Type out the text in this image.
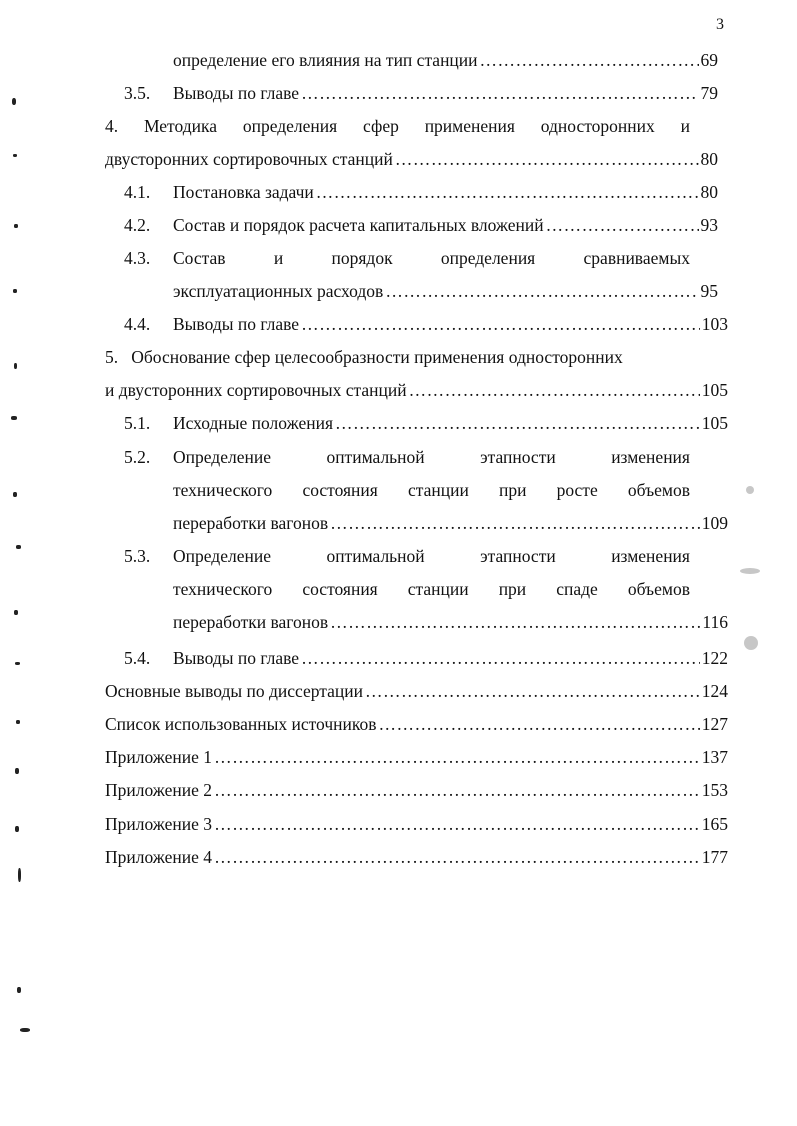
3
определение его влияния на тип станции ………………………………………………………………………………………………………………………………………………………………	69
3.5. Выводы по главе ………………………………………………………………………………………………………………………………………………………………	79
4. Методика определения сфер применения односторонних и
двусторонних сортировочных станций ………………………………………………………………………………………………………………………………………………………………	80
4.1. Постановка задачи ………………………………………………………………………………………………………………………………………………………………	80
4.2. Состав и порядок расчета капитальных вложений ………………………………………………………………………………………………………………………………………………………………	93
4.3. Состав	и	порядок	определения	сравниваемых
эксплуатационных расходов ………………………………………………………………………………………………………………………………………………………………	95
4.4. Выводы по главе ………………………………………………………………………………………………………………………………………………………………	103
5.   Обоснование сфер целесообразности применения односторонних
и двусторонних сортировочных станций ………………………………………………………………………………………………………………………………………………………………	105
5.1. Исходные положения ………………………………………………………………………………………………………………………………………………………………	105
5.2. Определение	оптимальной	этапности	изменения
технического состояния станции при росте объемов
переработки вагонов ………………………………………………………………………………………………………………………………………………………………	109
5.3. Определение	оптимальной	этапности	изменения
технического состояния станции при спаде объемов
переработки вагонов ………………………………………………………………………………………………………………………………………………………………	116
5.4. Выводы по главе ………………………………………………………………………………………………………………………………………………………………	122
Основные выводы по диссертации ………………………………………………………………………………………………………………………………………………………………	124
Список использованных источников ………………………………………………………………………………………………………………………………………………………………	127
Приложение 1 ………………………………………………………………………………………………………………………………………………………………	137
Приложение 2 ………………………………………………………………………………………………………………………………………………………………	153
Приложение 3 ………………………………………………………………………………………………………………………………………………………………	165
Приложение 4 ………………………………………………………………………………………………………………………………………………………………	177
